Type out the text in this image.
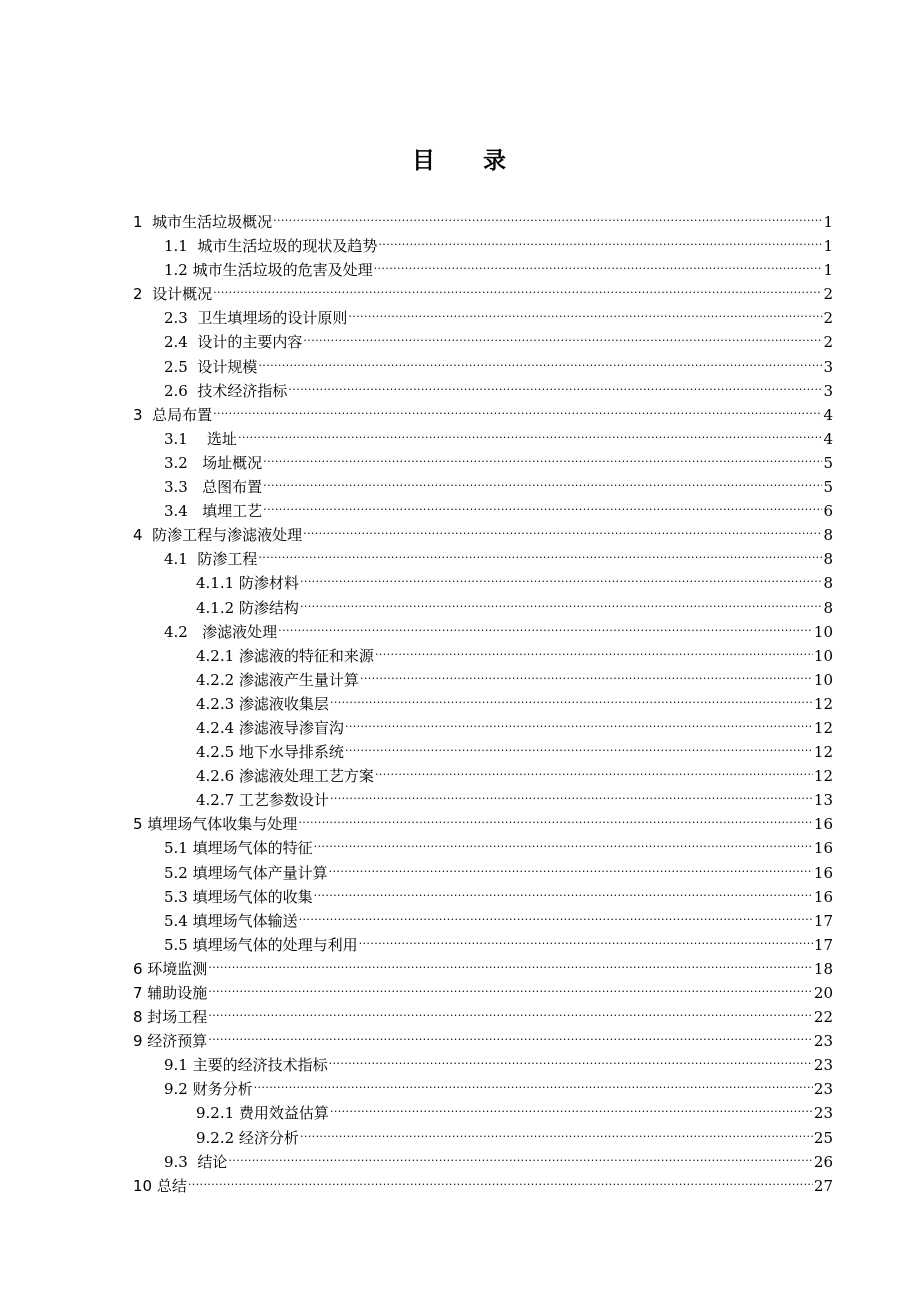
目 录
1  城市生活垃圾概况 .....	1
1.1  城市生活垃圾的现状及趋势 .....	1
1.2 城市生活垃圾的危害及处理 .....	1
2  设计概况 .....	2
2.3  卫生填埋场的设计原则 .....	2
2.4  设计的主要内容 .....	2
2.5  设计规模 .....	3
2.6  技术经济指标 .....	3
3  总局布置 .....	4
3.1    选址 .....	4
3.2   场址概况 .....	5
3.3   总图布置 .....	5
3.4   填埋工艺 .....	6
4  防渗工程与渗滤液处理 .....	8
4.1  防渗工程 .....	8
4.1.1 防渗材料 .....	8
4.1.2 防渗结构 .....	8
4.2   渗滤液处理 .....	10
4.2.1 渗滤液的特征和来源 .....	10
4.2.2 渗滤液产生量计算 .....	10
4.2.3 渗滤液收集层 .....	12
4.2.4 渗滤液导渗盲沟 .....	12
4.2.5 地下水导排系统 .....	12
4.2.6 渗滤液处理工艺方案 .....	12
4.2.7 工艺参数设计 .....	13
5 填埋场气体收集与处理 .....	16
5.1 填埋场气体的特征 .....	16
5.2 填埋场气体产量计算 .....	16
5.3 填埋场气体的收集 .....	16
5.4 填埋场气体输送 .....	17
5.5 填埋场气体的处理与利用 .....	17
6 环境监测 .....	18
7 辅助设施 .....	20
8 封场工程 .....	22
9 经济预算 .....	23
9.1 主要的经济技术指标 .....	23
9.2 财务分析 .....	23
9.2.1 费用效益估算 .....	23
9.2.2 经济分析 .....	25
9.3  结论 .....	26
10 总结 .....	27
